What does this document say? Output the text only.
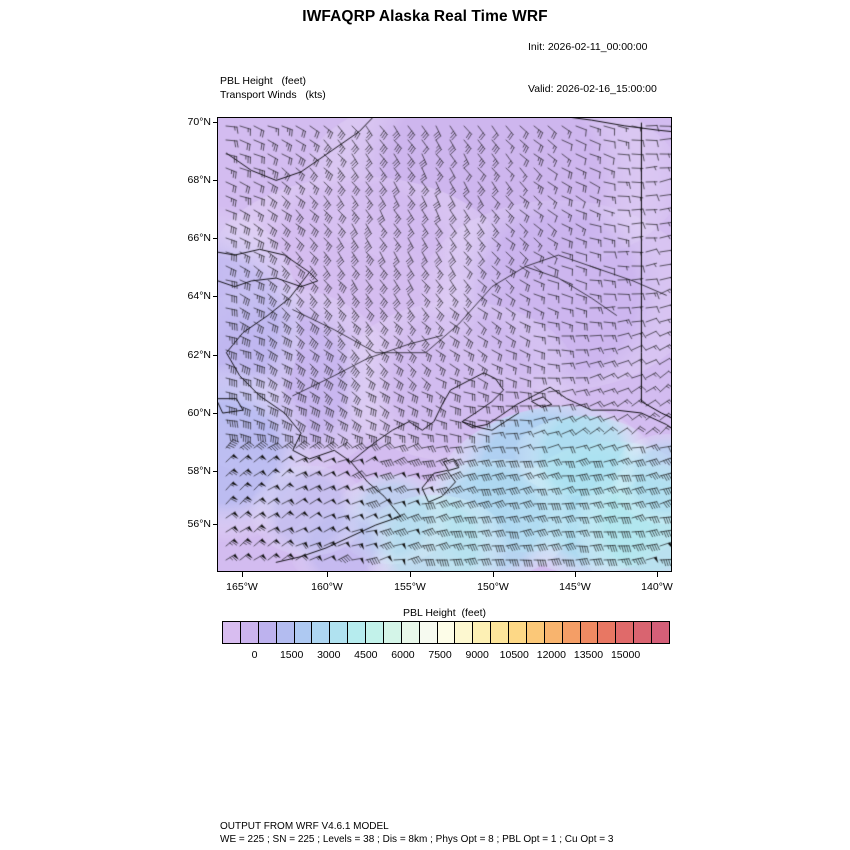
IWFAQRP Alaska Real Time WRF

Init: 2026-02-11_00:00:00

Valid: 2026-02-16_15:00:00

PBL Height   (feet)
Transport Winds   (kts)
70°N
68°N
66°N
64°N
62°N
60°N
58°N
56°N
165°W	160°W	155°W	150°W	145°W	140°W
PBL Height  (feet)
0 1500 3000 4500 6000 7500 9000 10500 12000 13500 15000
OUTPUT FROM WRF V4.6.1 MODEL
WE = 225 ; SN = 225 ; Levels = 38 ; Dis = 8km ; Phys Opt = 8 ; PBL Opt = 1 ; Cu Opt = 3
